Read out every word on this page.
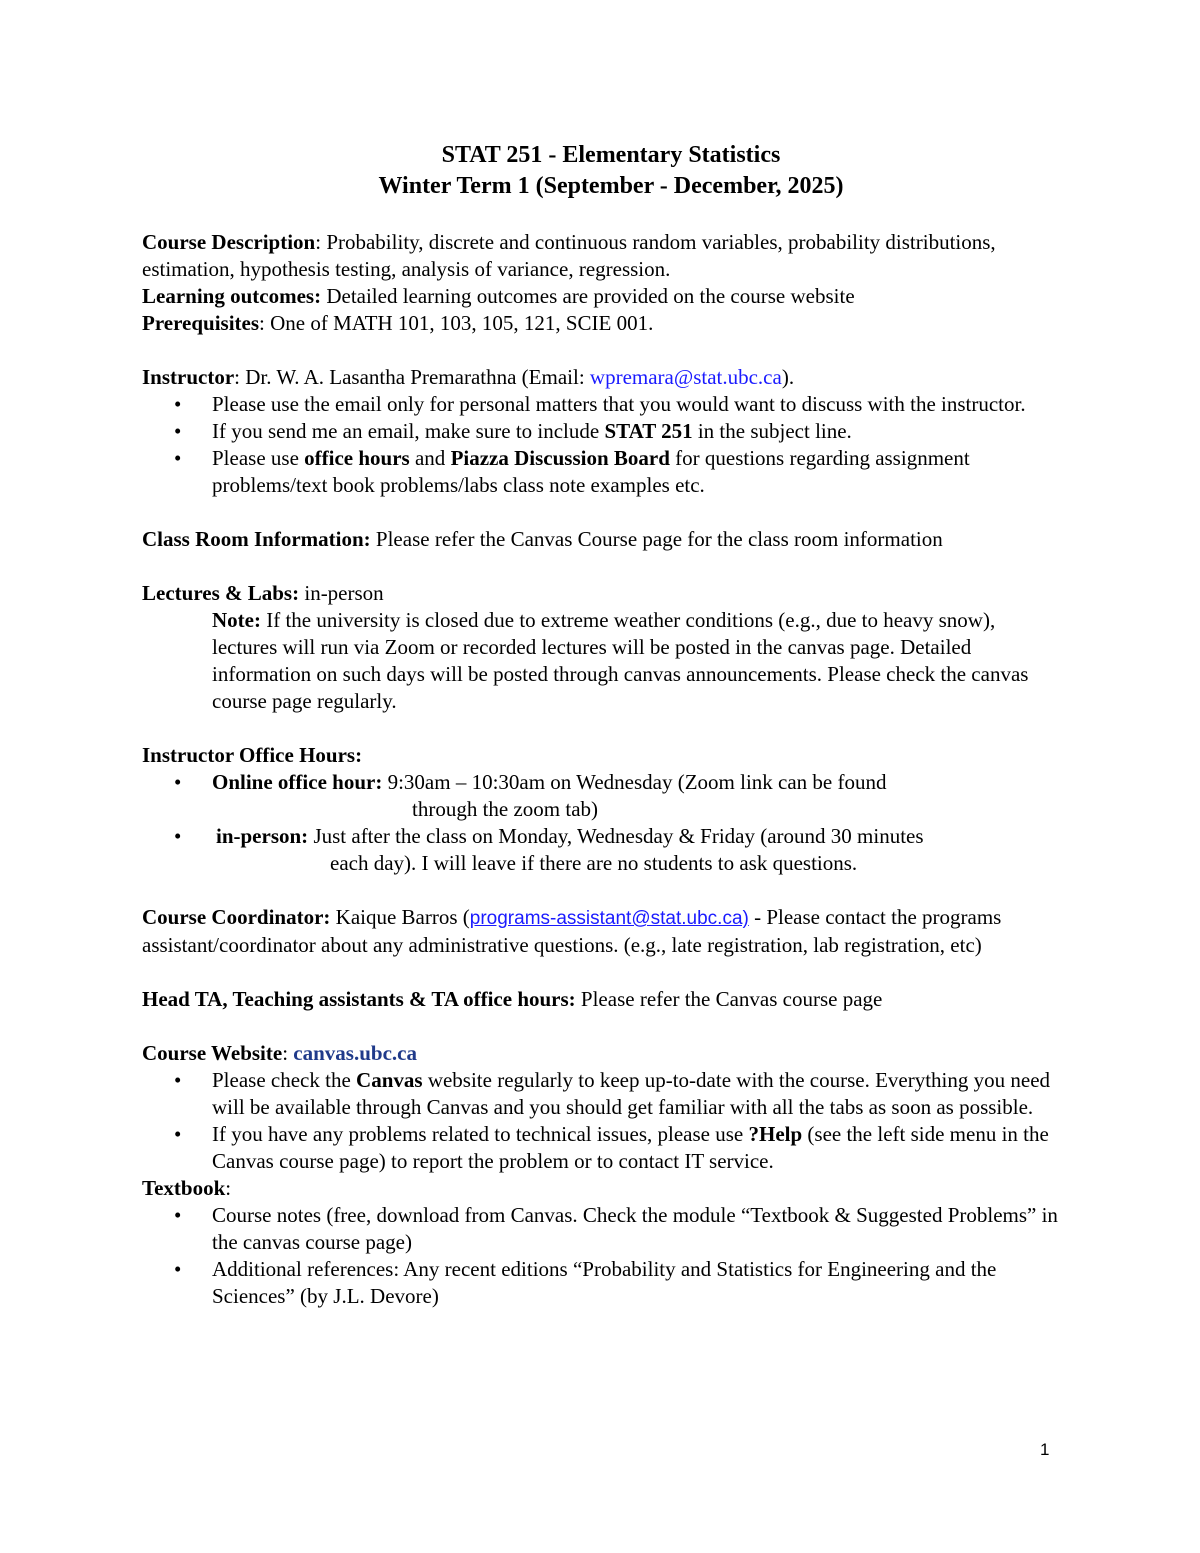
STAT 251 - Elementary Statistics

Winter Term 1 (September - December, 2025)

Course Description: Probability, discrete and continuous random variables, probability distributions, estimation, hypothesis testing, analysis of variance, regression.

Learning outcomes: Detailed learning outcomes are provided on the course website

Prerequisites: One of MATH 101, 103, 105, 121, SCIE 001.

Instructor: Dr. W. A. Lasantha Premarathna (Email: wpremara@stat.ubc.ca).

• Please use the email only for personal matters that you would want to discuss with the instructor.
• If you send me an email, make sure to include STAT 251 in the subject line.
• Please use office hours and Piazza Discussion Board for questions regarding assignment problems/text book problems/labs class note examples etc.

Class Room Information: Please refer the Canvas Course page for the class room information

Lectures & Labs: in-person

Note: If the university is closed due to extreme weather conditions (e.g., due to heavy snow), lectures will run via Zoom or recorded lectures will be posted in the canvas page. Detailed information on such days will be posted through canvas announcements. Please check the canvas course page regularly.

Instructor Office Hours:

• Online office hour: 9:30am – 10:30am on Wednesday (Zoom link can be found

through the zoom tab)

• in-person: Just after the class on Monday, Wednesday & Friday (around 30 minutes

each day). I will leave if there are no students to ask questions.

Course Coordinator: Kaique Barros (programs-assistant@stat.ubc.ca) - Please contact the programs assistant/coordinator about any administrative questions. (e.g., late registration, lab registration, etc)

Head TA, Teaching assistants & TA office hours: Please refer the Canvas course page

Course Website: canvas.ubc.ca

• Please check the Canvas website regularly to keep up-to-date with the course. Everything you need will be available through Canvas and you should get familiar with all the tabs as soon as possible.
• If you have any problems related to technical issues, please use ?Help (see the left side menu in the Canvas course page) to report the problem or to contact IT service.

Textbook:

• Course notes (free, download from Canvas. Check the module “Textbook & Suggested Problems” in the canvas course page)
• Additional references: Any recent editions “Probability and Statistics for Engineering and the Sciences” (by J.L. Devore)
1
